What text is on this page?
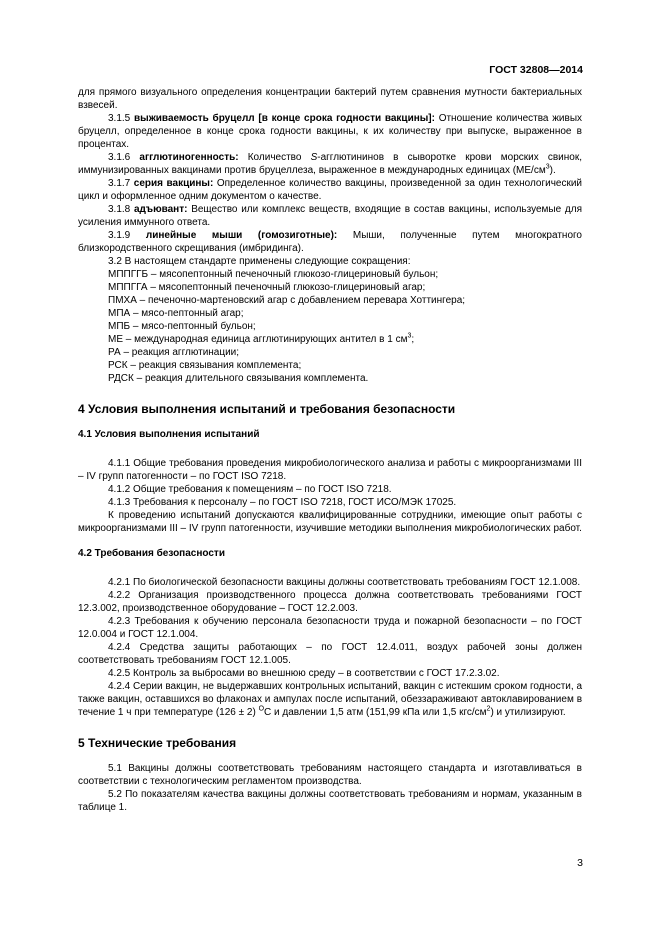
ГОСТ 32808—2014

для прямого визуального определения концентрации бактерий путем сравнения мутности бактериальных взвесей.

3.1.5 выживаемость бруцелл [в конце срока годности вакцины]: Отношение количества живых бруцелл, определенное в конце срока годности вакцины, к их количеству при выпуске, выраженное в процентах.

3.1.6 агглютиногенность: Количество S-агглютининов в сыворотке крови морских свинок, иммунизированных вакцинами против бруцеллеза, выраженное в международных единицах $(МЕ/см^3)$.

3.1.7 серия вакцины: Определенное количество вакцины, произведенной за один технологический цикл и оформленное одним документом о качестве.

3.1.8 адъювант: Вещество или комплекс веществ, входящие в состав вакцины, используемые для усиления иммунного ответа.

3.1.9 линейные мыши (гомозиготные): Мыши, полученные путем многократного близкородственного скрещивания (имбридинга).

3.2 В настоящем стандарте применены следующие сокращения:

МППГГБ – мясопептонный печеночный глюкозо-глицериновый бульон;

МППГГА – мясопептонный печеночный глюкозо-глицериновый агар;

ПМХА – печеночно-мартеновский агар с добавлением перевара Хоттингера;

МПА – мясо-пептонный агар;

МПБ – мясо-пептонный бульон;

МЕ – международная единица агглютинирующих антител в 1 $см^3$;

РА – реакция агглютинации;

РСК – реакция связывания комплемента;

РДСК – реакция длительного связывания комплемента.

4 Условия выполнения испытаний и требования безопасности

4.1 Условия выполнения испытаний

4.1.1 Общие требования проведения микробиологического анализа и работы с микроорганизмами III – IV групп патогенности – по ГОСТ ISO 7218.

4.1.2 Общие требования к помещениям – по ГОСТ ISO 7218.

4.1.3 Требования к персоналу – по ГОСТ ISO 7218, ГОСТ ИСО/МЭК 17025.

К проведению испытаний допускаются квалифицированные сотрудники, имеющие опыт работы с микроорганизмами III – IV групп патогенности, изучившие методики выполнения микробиологических работ.

4.2 Требования безопасности

4.2.1 По биологической безопасности вакцины должны соответствовать требованиям ГОСТ 12.1.008.

4.2.2 Организация производственного процесса должна соответствовать требованиями ГОСТ 12.3.002, производственное оборудование – ГОСТ 12.2.003.

4.2.3 Требования к обучению персонала безопасности труда и пожарной безопасности – по ГОСТ 12.0.004 и ГОСТ 12.1.004.

4.2.4 Средства защиты работающих – по ГОСТ 12.4.011, воздух рабочей зоны должен соответствовать требованиям ГОСТ 12.1.005.

4.2.5 Контроль за выбросами во внешнюю среду – в соответствии с ГОСТ 17.2.3.02.

4.2.4 Серии вакцин, не выдержавших контрольных испытаний, вакцин с истекшим сроком годности, а также вакцин, оставшихся во флаконах и ампулах после испытаний, обеззараживают автоклавированием в течение 1 ч при температуре (126 ± 2) $^O$С и давлении 1,5 атм (151,99 кПа или 1,5 кгс/$см^2$) и утилизируют.

5 Технические требования

5.1 Вакцины должны соответствовать требованиям настоящего стандарта и изготавливаться в соответствии с технологическим регламентом производства.

5.2 По показателям качества вакцины должны соответствовать требованиям и нормам, указанным в таблице 1.

3
